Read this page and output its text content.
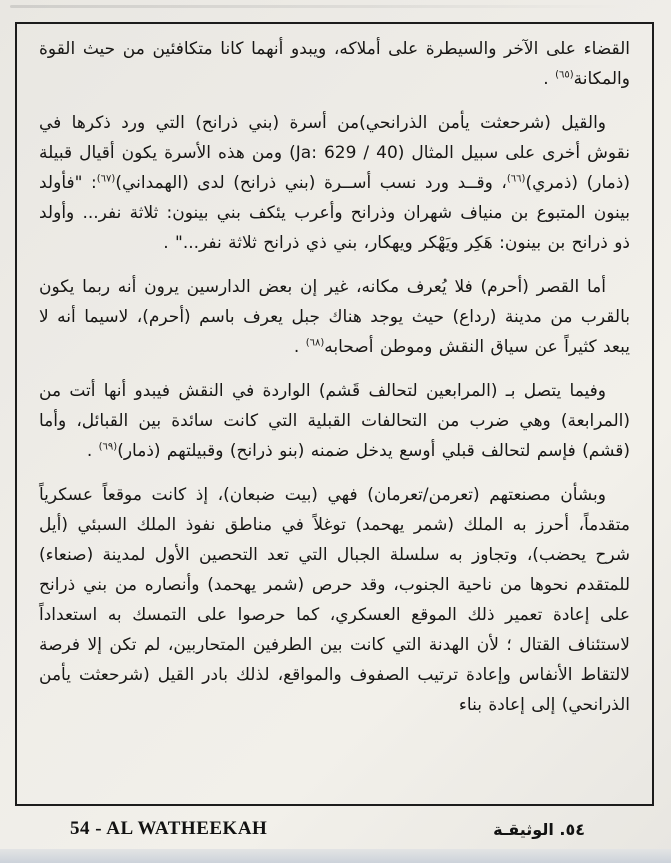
القضاء على الآخر والسيطرة على أملاكه، ويبدو أنهما كانا متكافئين من حيث القوة والمكانة$^{(٦٥)}$ .

والقيل (شرحعثت يأمن الذرانحي)من أسرة (بني ذرانح) التي ورد ذكرها في نقوش أخرى على سبيل المثال (Ja: 629 / 40) ومن هذه الأسرة يكون أقيال قبيلة (ذمار) (ذمري)$^{(٦٦)}$، وقــد ورد نسب أســرة (بني ذرانح) لدى (الهمداني)$^{(٦٧)}$: "فأولد بينون المتبوع بن منياف شهران وذرانح وأعرب يئكف بني بينون: ثلاثة نفر... وأولد ذو ذرانح بن بينون: هَكِر ويَهْكر ويهكار، بني ذي ذرانح ثلاثة نفر..." .

أما القصر (أحرم) فلا يُعرف مكانه، غير إن بعض الدارسين يرون أنه ربما يكون بالقرب من مدينة (رداع) حيث يوجد هناك جبل يعرف باسم (أحرم)، لاسيما أنه لا يبعد كثيراً عن سياق النقش وموطن أصحابه$^{(٦٨)}$ .

وفيما يتصل بـ (المرابعين لتحالف قَشم) الواردة في النقش فيبدو أنها أتت من (المرابعة) وهي ضرب من التحالفات القبلية التي كانت سائدة بين القبائل، وأما (قشم) فإسم لتحالف قبلي أوسع يدخل ضمنه (بنو ذرانح) وقبيلتهم (ذمار)$^{(٦٩)}$ .

وبشأن مصنعتهم (تعرمن/تعرمان) فهي (بيت ضبعان)، إذ كانت موقعاً عسكرياً متقدماً، أحرز به الملك (شمر يهحمد) توغلاً في مناطق نفوذ الملك السبئي (أيل شرح يحضب)، وتجاوز به سلسلة الجبال التي تعد التحصين الأول لمدينة (صنعاء) للمتقدم نحوها من ناحية الجنوب، وقد حرص (شمر يهحمد) وأنصاره من بني ذرانح على إعادة تعمير ذلك الموقع العسكري، كما حرصوا على التمسك به استعداداً لاستئناف القتال ؛ لأن الهدنة التي كانت بين الطرفين المتحاربين، لم تكن إلا فرصة لالتقاط الأنفاس وإعادة ترتيب الصفوف والمواقع، لذلك بادر القيل (شرحعثت يأمن الذرانحي) إلى إعادة بناء

54 - AL WATHEEKAH	٥٤. الوثيقـة
